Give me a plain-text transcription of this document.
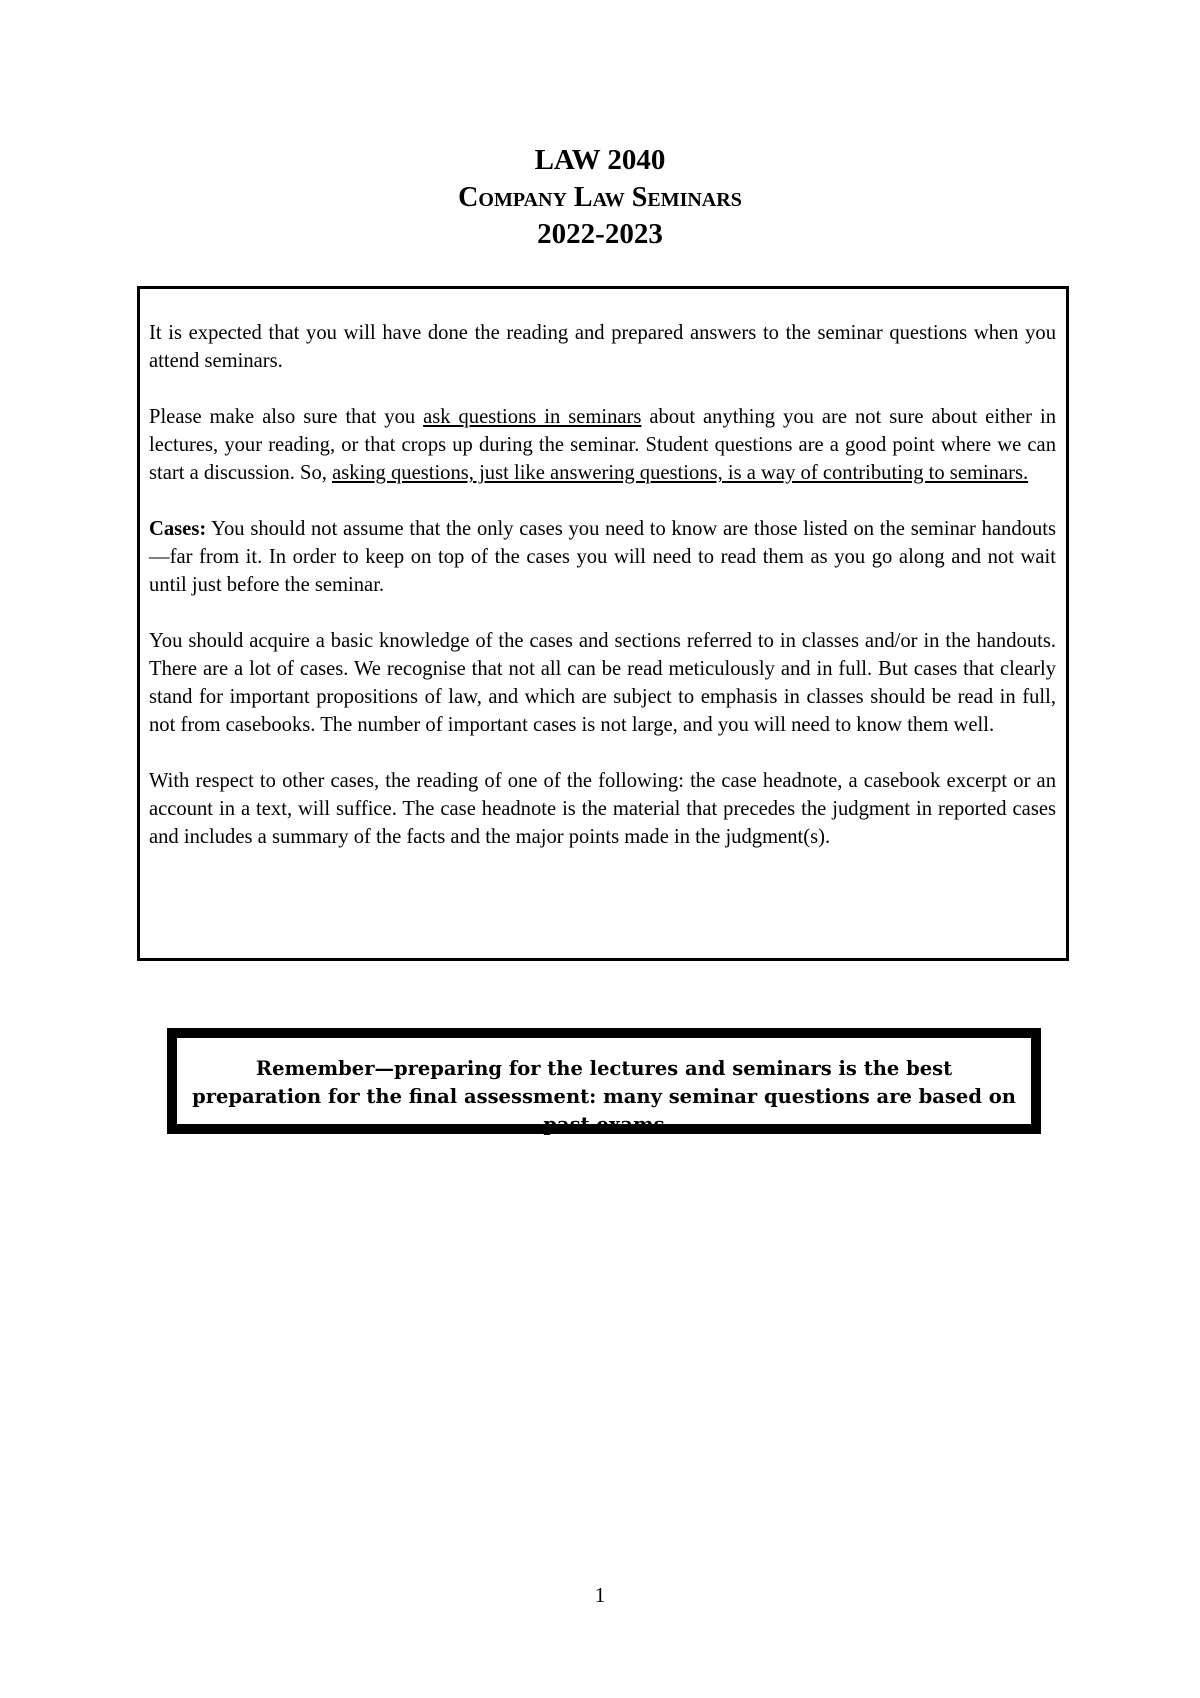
LAW 2040

Company Law Seminars

2022-2023

It is expected that you will have done the reading and prepared answers to the seminar questions when you attend seminars.

Please make also sure that you ask questions in seminars about anything you are not sure about either in lectures, your reading, or that crops up during the seminar. Student questions are a good point where we can start a discussion. So, asking questions, just like answering questions, is a way of contributing to seminars.

Cases: You should not assume that the only cases you need to know are those listed on the seminar handouts—far from it. In order to keep on top of the cases you will need to read them as you go along and not wait until just before the seminar.

You should acquire a basic knowledge of the cases and sections referred to in classes and/or in the handouts. There are a lot of cases. We recognise that not all can be read meticulously and in full. But cases that clearly stand for important propositions of law, and which are subject to emphasis in classes should be read in full, not from casebooks. The number of important cases is not large, and you will need to know them well.

With respect to other cases, the reading of one of the following: the case headnote, a casebook excerpt or an account in a text, will suffice. The case headnote is the material that precedes the judgment in reported cases and includes a summary of the facts and the major points made in the judgment(s).

Remember—preparing for the lectures and seminars is the best preparation for the final assessment: many seminar questions are based on past exams
1
